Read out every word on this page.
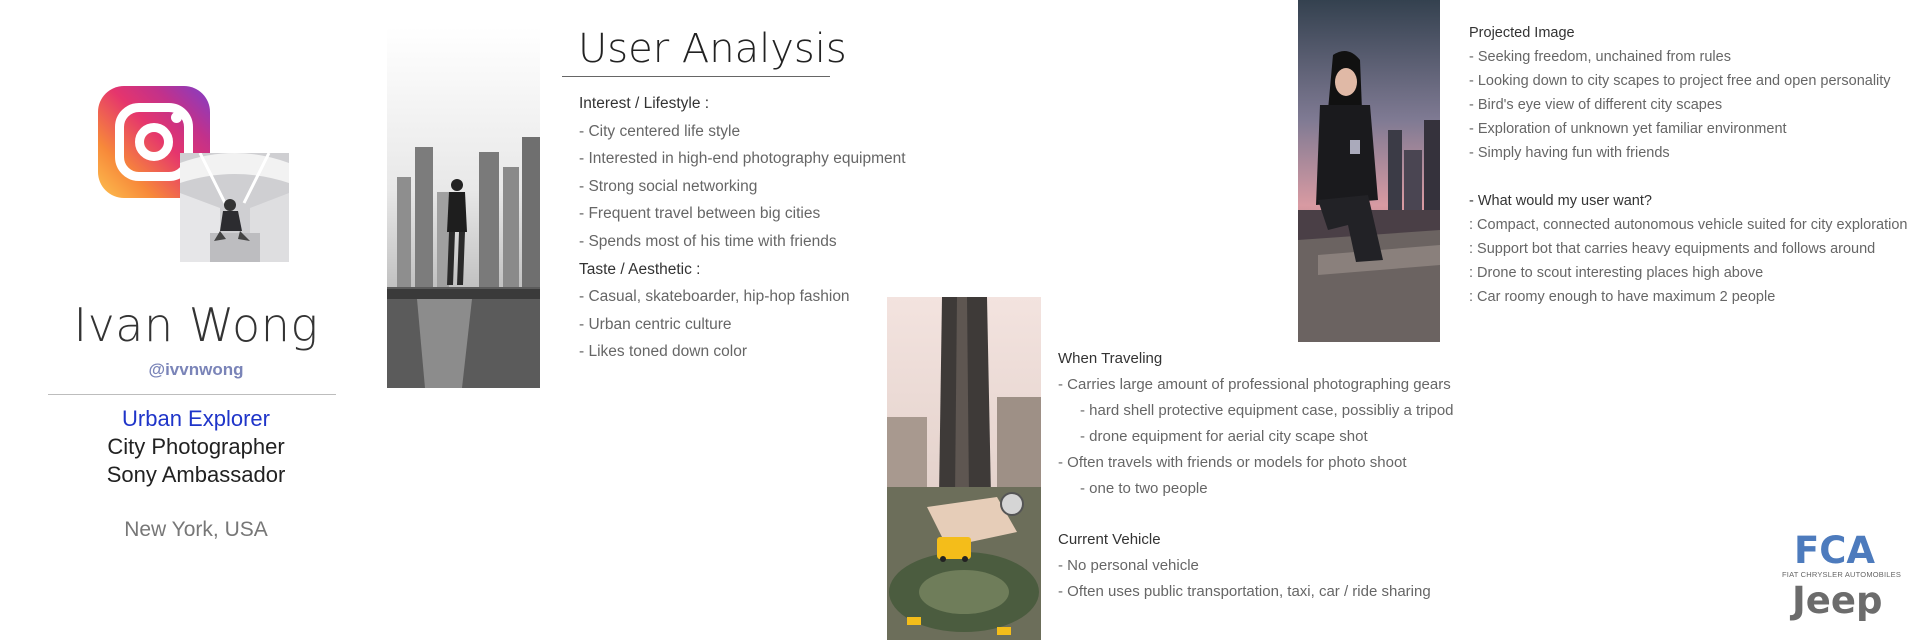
Ivan Wong
@ivvnwong
Urban Explorer
City Photographer
Sony Ambassador
New York, USA
User Analysis
Interest / Lifestyle :
- City centered life style
- Interested in high-end photography equipment
- Strong social networking
- Frequent travel between big cities
- Spends most of his time with friends
Taste / Aesthetic :
- Casual, skateboarder, hip-hop fashion
- Urban centric culture
- Likes toned down color	When Traveling
- Carries large amount of professional photographing gears
- hard shell protective equipment case, possibliy a tripod
- drone equipment for aerial city scape shot
- Often travels with friends or models for photo shoot
- one to two people
Current Vehicle
- No personal vehicle
- Often uses public transportation, taxi, car / ride sharing
Projected Image
- Seeking freedom, unchained from rules
- Looking down to city scapes to project free and open personality
- Bird's eye view of different city scapes
- Exploration of unknown yet familiar environment
- Simply having fun with friends
- What would my user want?
: Compact, connected autonomous vehicle suited for city exploration
: Support bot that carries heavy equipments and follows around
: Drone to scout interesting places high above
: Car roomy enough to have maximum 2 people
FCA
FIAT CHRYSLER AUTOMOBILES
Jeep
